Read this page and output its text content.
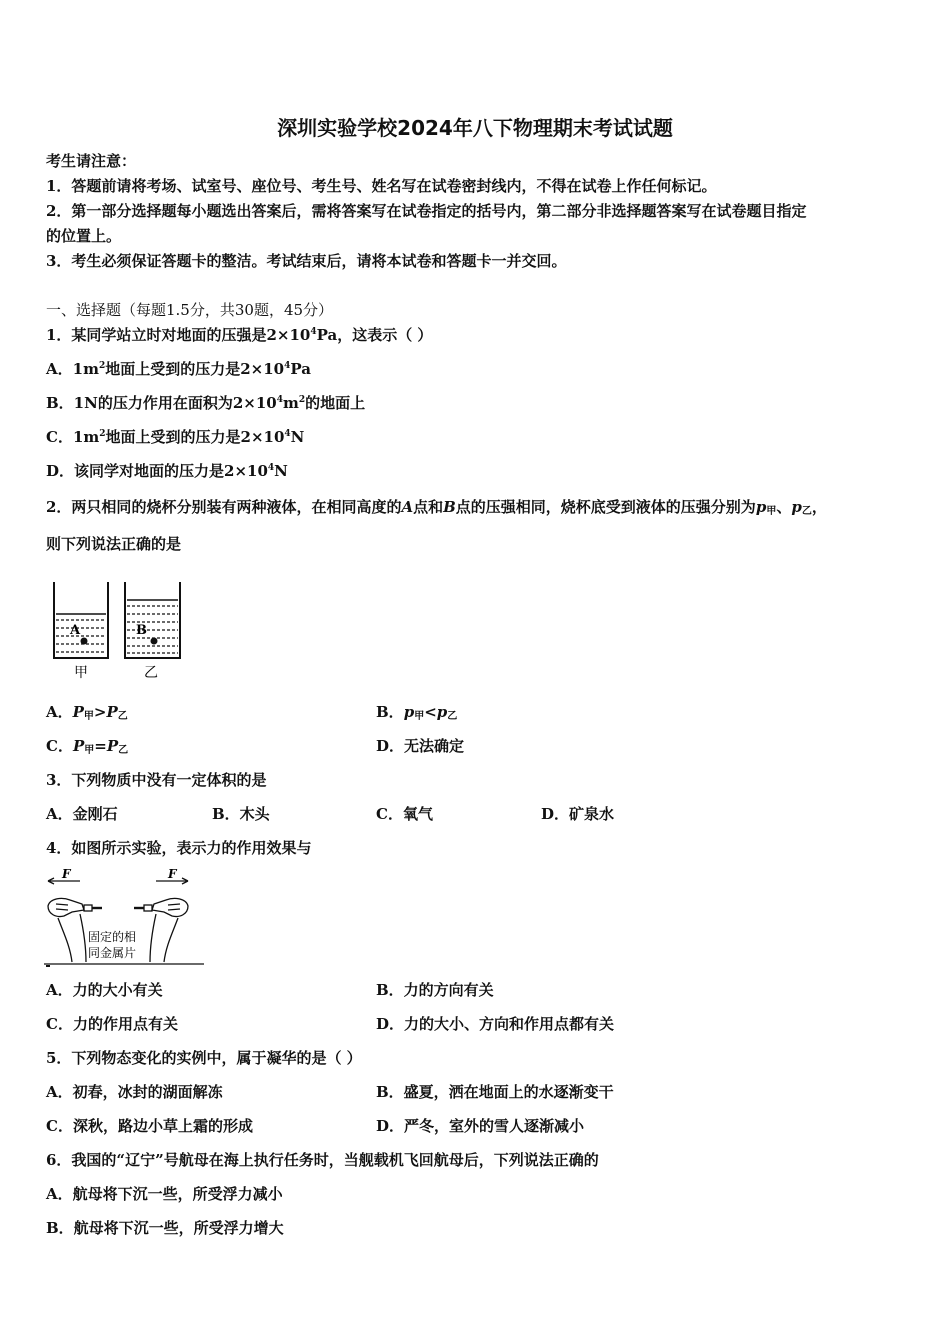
深圳实验学校2024年八下物理期末考试试题
考生请注意：
1．答题前请将考场、试室号、座位号、考生号、姓名写在试卷密封线内，不得在试卷上作任何标记。
2．第一部分选择题每小题选出答案后，需将答案写在试卷指定的括号内，第二部分非选择题答案写在试卷题目指定
的位置上。
3．考生必须保证答题卡的整洁。考试结束后，请将本试卷和答题卡一并交回。
一、选择题（每题1.5分，共30题，45分）
1．某同学站立时对地面的压强是$2\times 10^4Pa$，这表示（ ）
A．$1m^2$地面上受到的压力是$2\times 10^4Pa$
B．1N的压力作用在面积为$2\times 10^4m^2$的地面上
C．$1m^2$地面上受到的压力是$2\times 10^4N$
D．该同学对地面的压力是$2\times 10^4N$
2．两只相同的烧杯分别装有两种液体，在相同高度的A点和B点的压强相同，烧杯底受到液体的压强分别为$p_甲$、$p_乙$，
则下列说法正确的是
A	B
甲	乙
A．$P_甲>P_乙$	B．$p_甲<p_乙$
C．$P_甲=P_乙$	D．无法确定
3．下列物质中没有一定体积的是
A．金刚石	B．木头	C．氧气	D．矿泉水
4．如图所示实验，表示力的作用效果与
F	F
固定的相
同金属片
A．力的大小有关	B．力的方向有关
C．力的作用点有关	D．力的大小、方向和作用点都有关
5．下列物态变化的实例中，属于凝华的是（ ）
A．初春，冰封的湖面解冻	B．盛夏，洒在地面上的水逐渐变干
C．深秋，路边小草上霜的形成	D．严冬，室外的雪人逐渐减小
6．我国的“辽宁”号航母在海上执行任务时，当舰载机飞回航母后，下列说法正确的
A．航母将下沉一些，所受浮力减小
B．航母将下沉一些，所受浮力增大
